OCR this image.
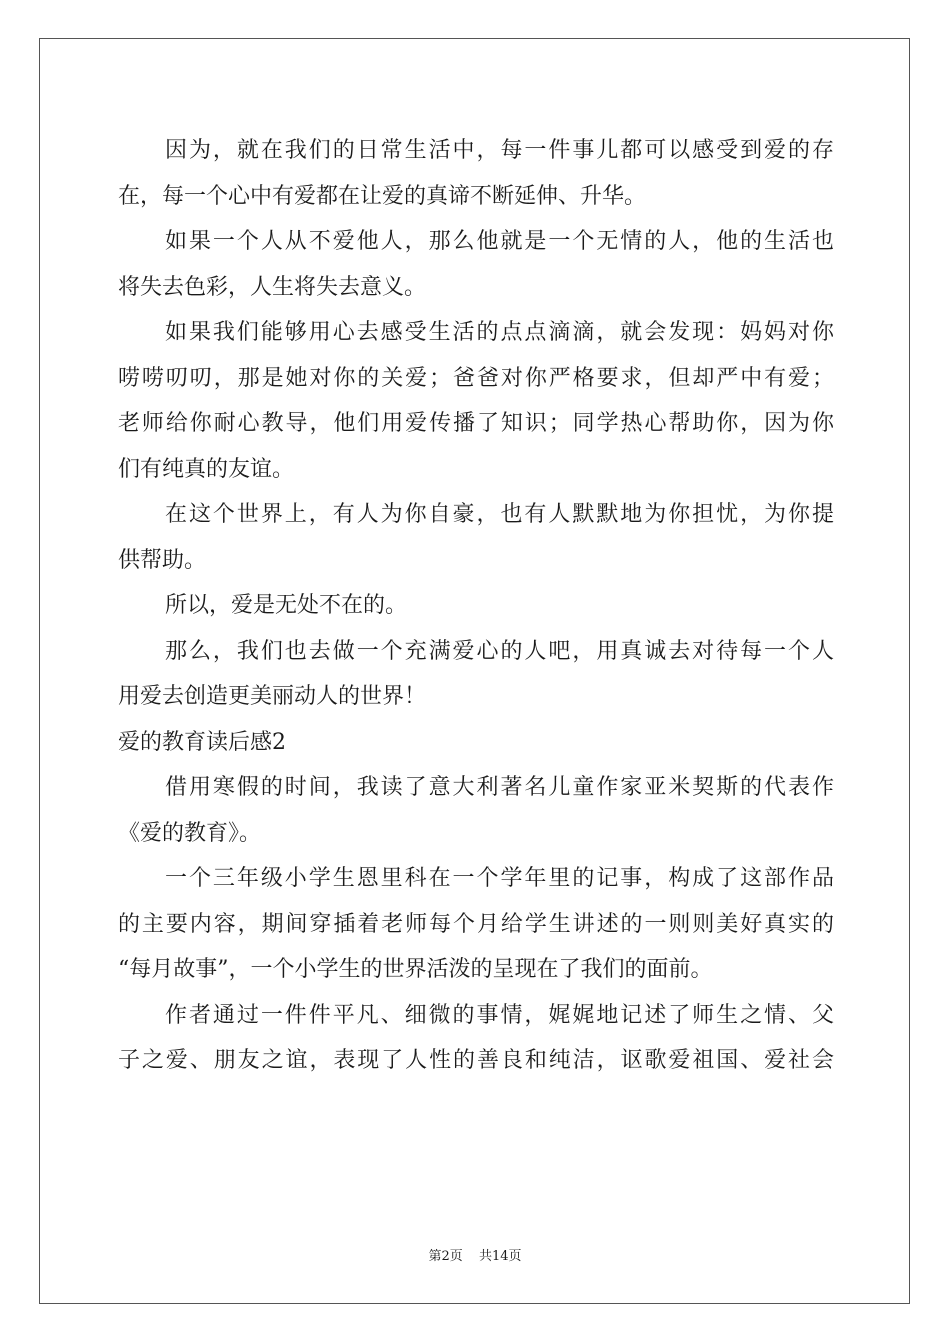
因为，就在我们的日常生活中，每一件事儿都可以感受到爱的存
在，每一个心中有爱都在让爱的真谛不断延伸、升华。
如果一个人从不爱他人，那么他就是一个无情的人，他的生活也
将失去色彩，人生将失去意义。
如果我们能够用心去感受生活的点点滴滴，就会发现：妈妈对你
唠唠叨叨，那是她对你的关爱；爸爸对你严格要求，但却严中有爱；
老师给你耐心教导，他们用爱传播了知识；同学热心帮助你，因为你
们有纯真的友谊。
在这个世界上，有人为你自豪，也有人默默地为你担忧，为你提
供帮助。
所以，爱是无处不在的。
那么，我们也去做一个充满爱心的人吧，用真诚去对待每一个人
用爱去创造更美丽动人的世界！
爱的教育读后感2
借用寒假的时间，我读了意大利著名儿童作家亚米契斯的代表作
《爱的教育》。
一个三年级小学生恩里科在一个学年里的记事，构成了这部作品
的主要内容，期间穿插着老师每个月给学生讲述的一则则美好真实的
“每月故事”，一个小学生的世界活泼的呈现在了我们的面前。
作者通过一件件平凡、细微的事情，娓娓地记述了师生之情、父
子之爱、朋友之谊，表现了人性的善良和纯洁，讴歌爱祖国、爱社会
第2页 共14页
